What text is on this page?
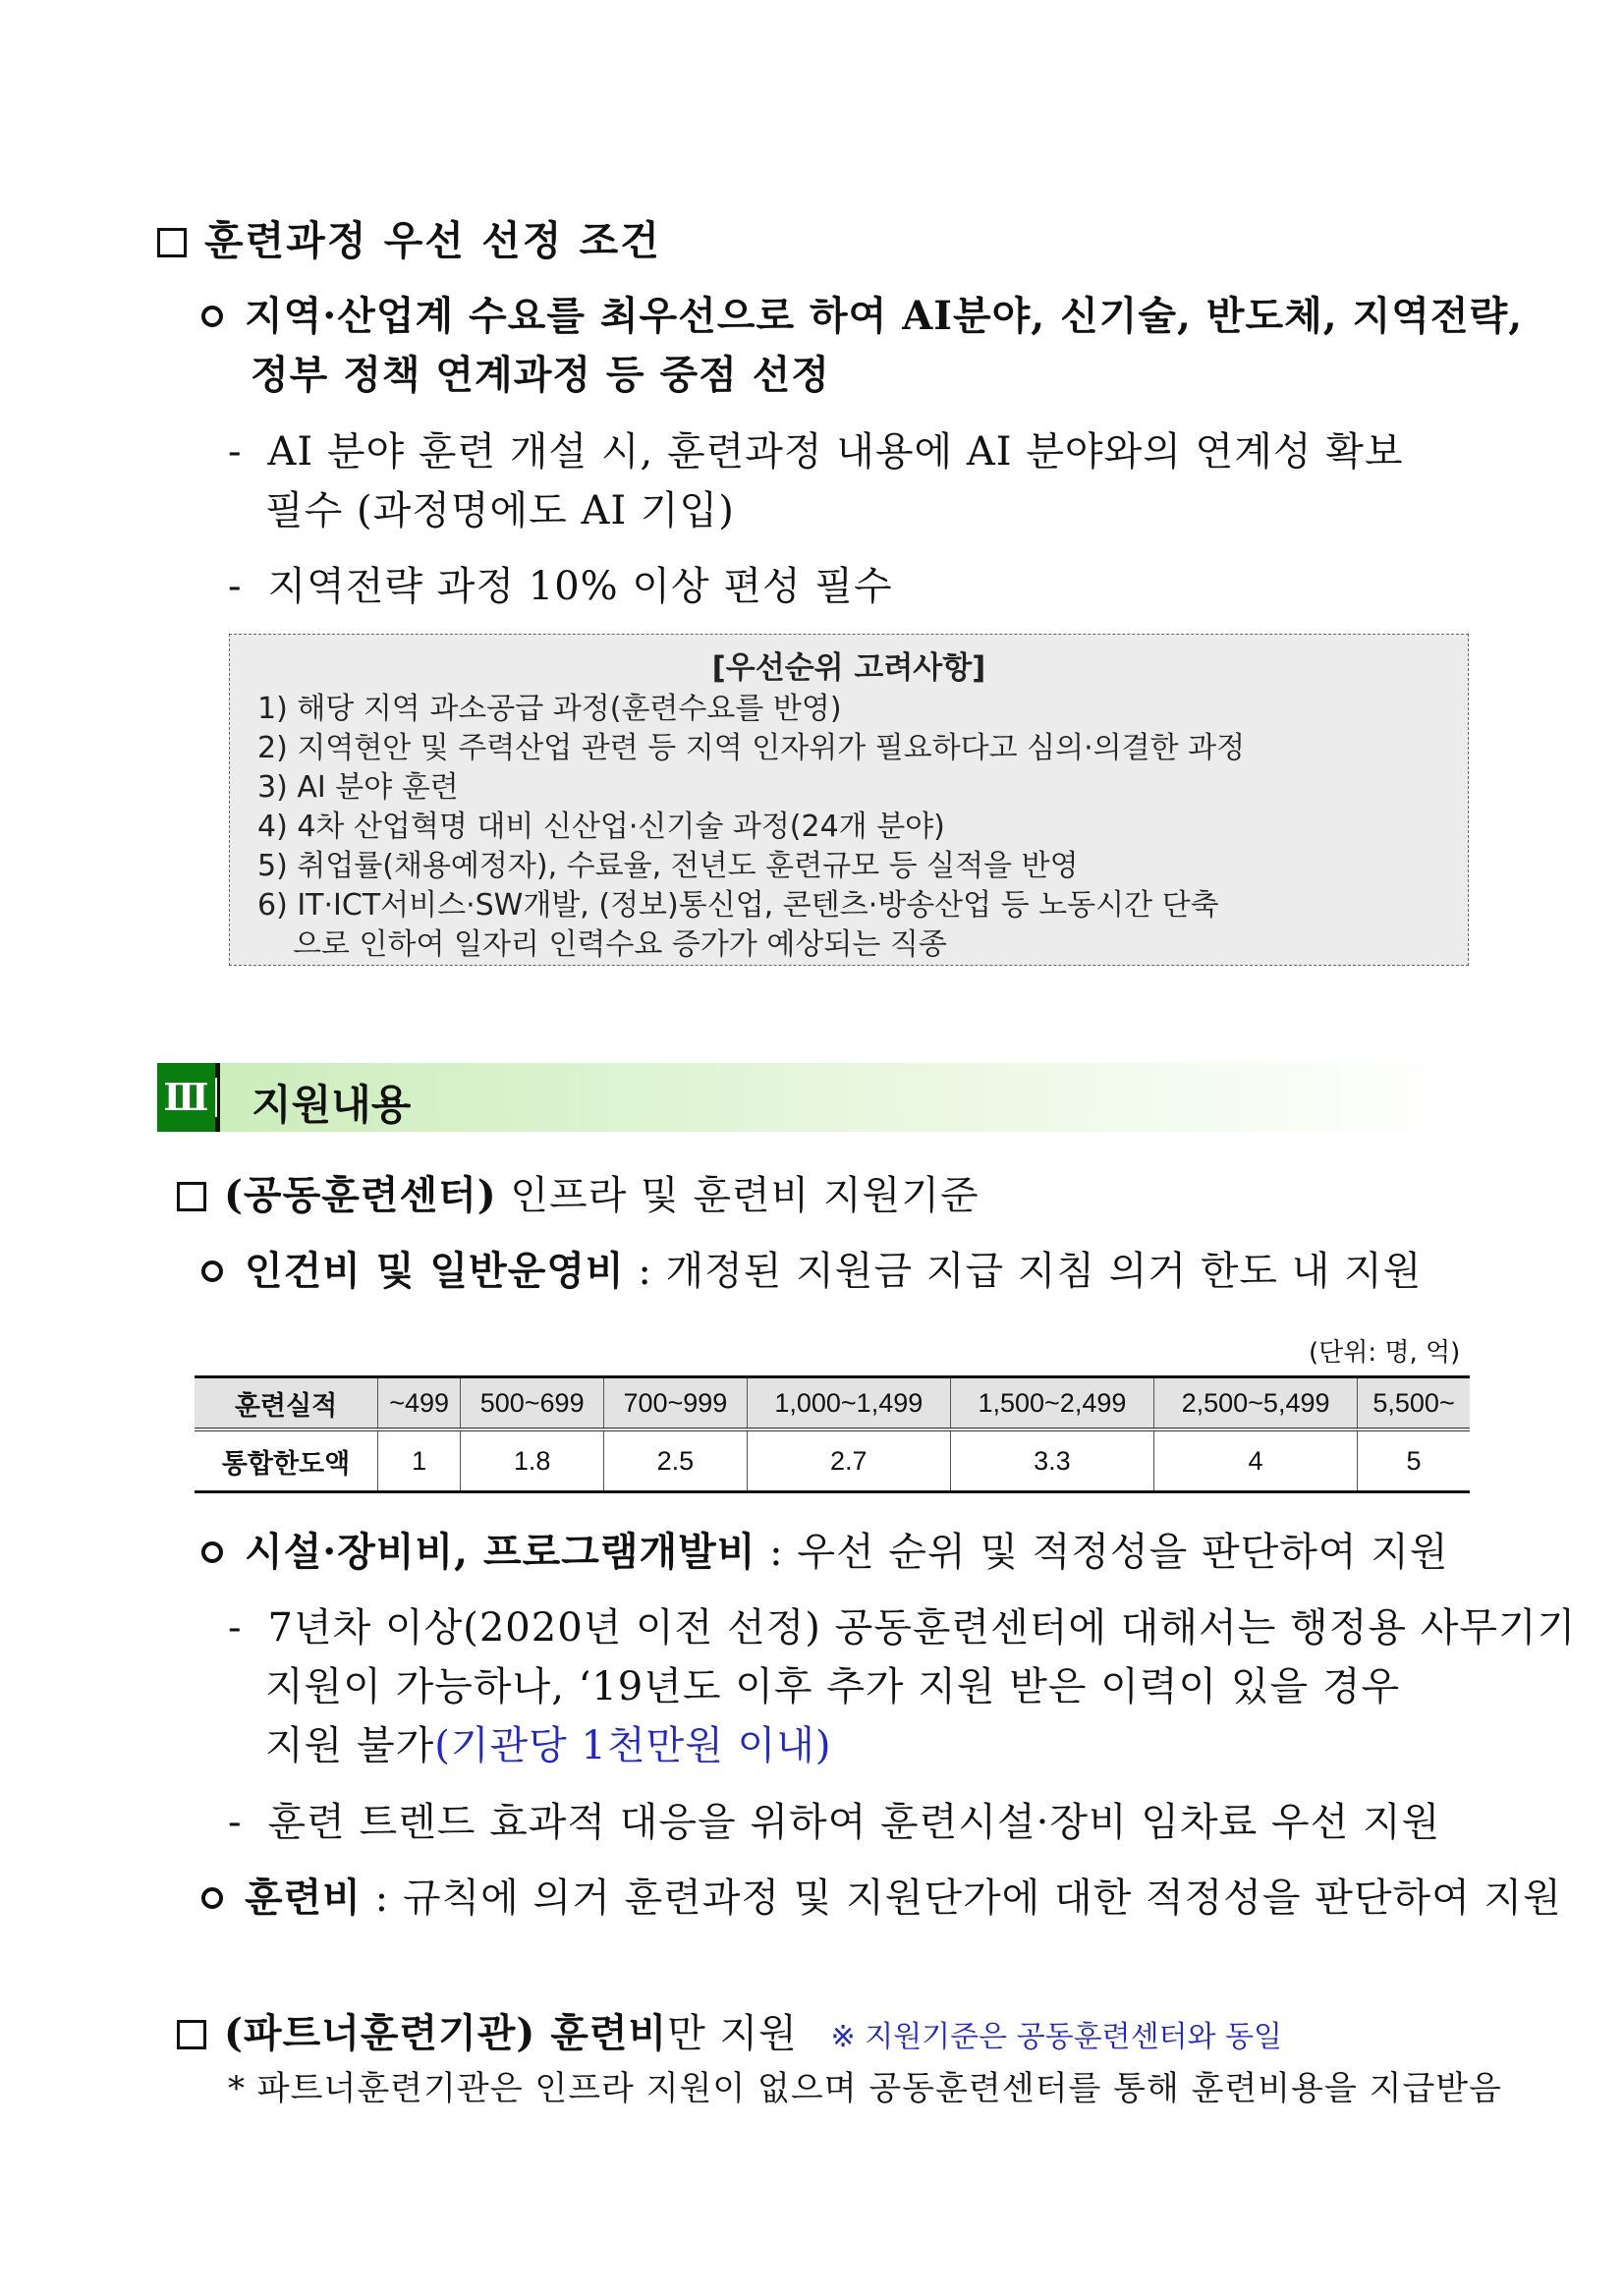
훈련과정 우선 선정 조건
지역·산업계 수요를 최우선으로 하여 AI분야, 신기술, 반도체, 지역전략,
정부 정책 연계과정 등 중점 선정
- AI 분야 훈련 개설 시, 훈련과정 내용에 AI 분야와의 연계성 확보
필수 (과정명에도 AI 기입)
- 지역전략 과정 10% 이상 편성 필수
[우선순위 고려사항]
1) 해당 지역 과소공급 과정(훈련수요를 반영)
2) 지역현안 및 주력산업 관련 등 지역 인자위가 필요하다고 심의·의결한 과정
3) AI 분야 훈련
4) 4차 산업혁명 대비 신산업·신기술 과정(24개 분야)
5) 취업률(채용예정자), 수료율, 전년도 훈련규모 등 실적을 반영
6) IT·ICT서비스·SW개발, (정보)통신업, 콘텐츠·방송산업 등 노동시간 단축
으로 인하여 일자리 인력수요 증가가 예상되는 직종
Ⅲ 지원내용
(공동훈련센터) 인프라 및 훈련비 지원기준
인건비 및 일반운영비 : 개정된 지원금 지급 지침 의거 한도 내 지원
(단위: 명, 억)
훈련실적	~499	500~699	700~999	1,000~1,499	1,500~2,499	2,500~5,499	5,500~
통합한도액	1	1.8	2.5	2.7	3.3	4	5
시설·장비비, 프로그램개발비 : 우선 순위 및 적정성을 판단하여 지원
- 7년차 이상(2020년 이전 선정) 공동훈련센터에 대해서는 행정용 사무기기
지원이 가능하나, ‘19년도 이후 추가 지원 받은 이력이 있을 경우
지원 불가(기관당 1천만원 이내)
- 훈련 트렌드 효과적 대응을 위하여 훈련시설·장비 임차료 우선 지원
훈련비 : 규칙에 의거 훈련과정 및 지원단가에 대한 적정성을 판단하여 지원
(파트너훈련기관) 훈련비만 지원 ※ 지원기준은 공동훈련센터와 동일
* 파트너훈련기관은 인프라 지원이 없으며 공동훈련센터를 통해 훈련비용을 지급받음
